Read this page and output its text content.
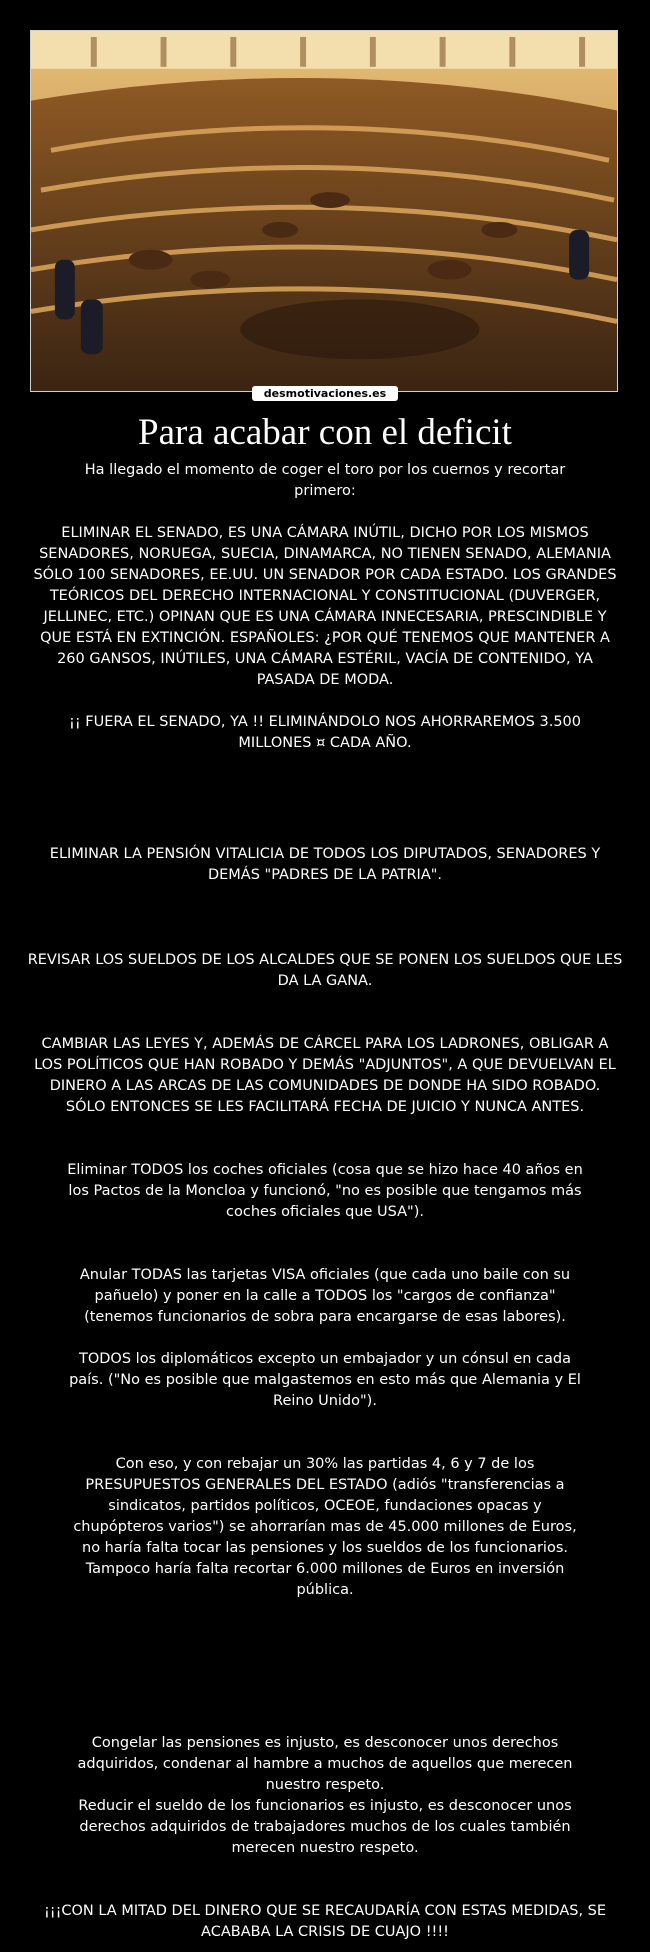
desmotivaciones.es
Para acabar con el deficit

Ha llegado el momento de coger el toro por los cuernos y recortar

primero:

ELIMINAR EL SENADO, ES UNA CÁMARA INÚTIL, DICHO POR LOS MISMOS

SENADORES, NORUEGA, SUECIA, DINAMARCA, NO TIENEN SENADO, ALEMANIA

SÓLO 100 SENADORES, EE.UU. UN SENADOR POR CADA ESTADO. LOS GRANDES

TEÓRICOS DEL DERECHO INTERNACIONAL Y CONSTITUCIONAL (DUVERGER,

JELLINEC, ETC.) OPINAN QUE ES UNA CÁMARA INNECESARIA, PRESCINDIBLE Y

QUE ESTÁ EN EXTINCIÓN. ESPAÑOLES: ¿POR QUÉ TENEMOS QUE MANTENER A

260 GANSOS, INÚTILES, UNA CÁMARA ESTÉRIL, VACÍA DE CONTENIDO, YA

PASADA DE MODA.

¡¡ FUERA EL SENADO, YA !! ELIMINÁNDOLO NOS AHORRAREMOS 3.500

MILLONES ¤ CADA AÑO.

ELIMINAR LA PENSIÓN VITALICIA DE TODOS LOS DIPUTADOS, SENADORES Y

DEMÁS "PADRES DE LA PATRIA".

REVISAR LOS SUELDOS DE LOS ALCALDES QUE SE PONEN LOS SUELDOS QUE LES

DA LA GANA.

CAMBIAR LAS LEYES Y, ADEMÁS DE CÁRCEL PARA LOS LADRONES, OBLIGAR A

LOS POLÍTICOS QUE HAN ROBADO Y DEMÁS "ADJUNTOS", A QUE DEVUELVAN EL

DINERO A LAS ARCAS DE LAS COMUNIDADES DE DONDE HA SIDO ROBADO.

SÓLO ENTONCES SE LES FACILITARÁ FECHA DE JUICIO Y NUNCA ANTES.

Eliminar TODOS los coches oficiales (cosa que se hizo hace 40 años en

los Pactos de la Moncloa y funcionó, "no es posible que tengamos más

coches oficiales que USA").

Anular TODAS las tarjetas VISA oficiales (que cada uno baile con su

pañuelo) y poner en la calle a TODOS los "cargos de confianza"

(tenemos funcionarios de sobra para encargarse de esas labores).

TODOS los diplomáticos excepto un embajador y un cónsul en cada

país. ("No es posible que malgastemos en esto más que Alemania y El

Reino Unido").

Con eso, y con rebajar un 30% las partidas 4, 6 y 7 de los

PRESUPUESTOS GENERALES DEL ESTADO (adiós "transferencias a

sindicatos, partidos políticos, OCEOE, fundaciones opacas y

chupópteros varios") se ahorrarían mas de 45.000 millones de Euros,

no haría falta tocar las pensiones y los sueldos de los funcionarios.

Tampoco haría falta recortar 6.000 millones de Euros en inversión

pública.

Congelar las pensiones es injusto, es desconocer unos derechos

adquiridos, condenar al hambre a muchos de aquellos que merecen

nuestro respeto.

Reducir el sueldo de los funcionarios es injusto, es desconocer unos

derechos adquiridos de trabajadores muchos de los cuales también

merecen nuestro respeto.

¡¡¡CON LA MITAD DEL DINERO QUE SE RECAUDARÍA CON ESTAS MEDIDAS, SE

ACABABA LA CRISIS DE CUAJO !!!!
